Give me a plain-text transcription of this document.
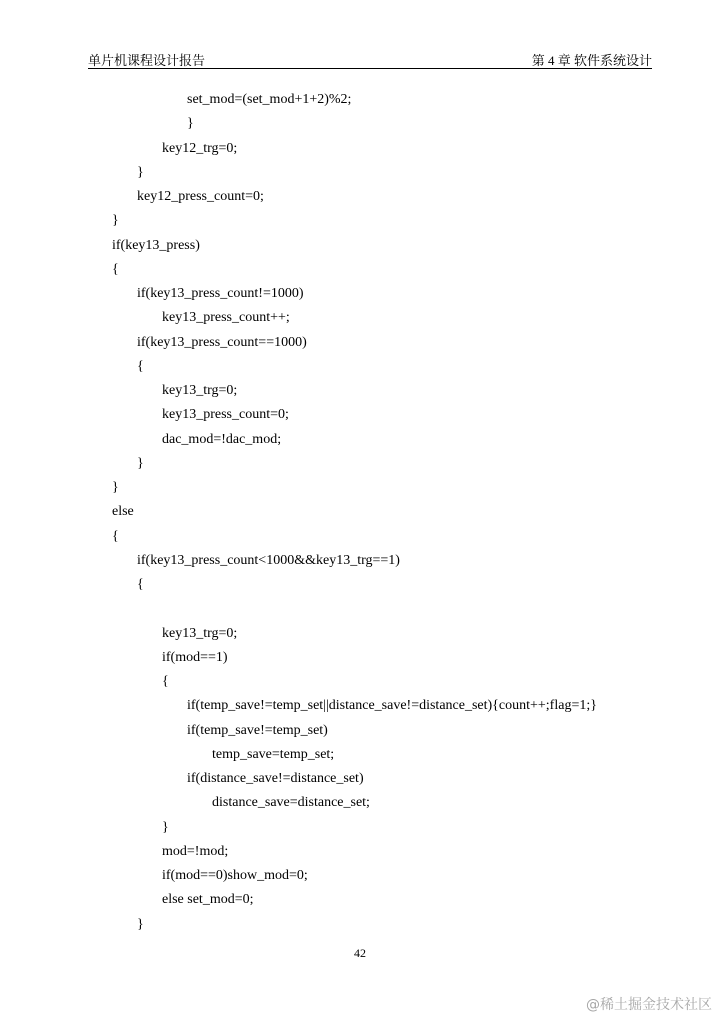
单片机课程设计报告	第 4 章 软件系统设计
set_mod=(set_mod+1+2)%2;
}
key12_trg=0;
}
key12_press_count=0;
}
if(key13_press)
{
if(key13_press_count!=1000)
key13_press_count++;
if(key13_press_count==1000)
{
key13_trg=0;
key13_press_count=0;
dac_mod=!dac_mod;
}
}
else
{
if(key13_press_count<1000&&key13_trg==1)
{
key13_trg=0;
if(mod==1)
{
if(temp_save!=temp_set||distance_save!=distance_set){count++;flag=1;}
if(temp_save!=temp_set)
temp_save=temp_set;
if(distance_save!=distance_set)
distance_save=distance_set;
}
mod=!mod;
if(mod==0)show_mod=0;
else set_mod=0;
}
42
@稀土掘金技术社区
